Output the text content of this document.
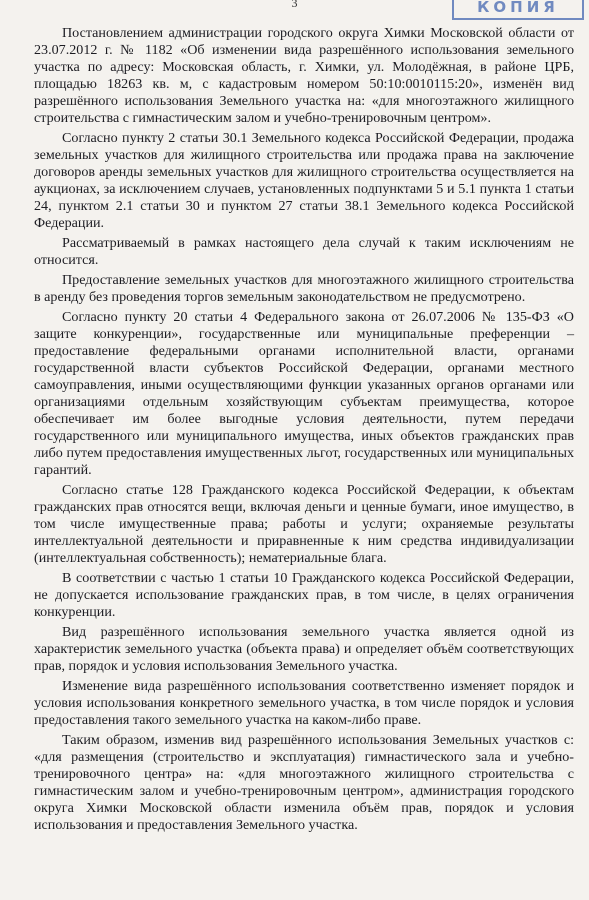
3	КОПИЯ

Постановлением администрации городского округа Химки Московской области от 23.07.2012 г. № 1182 «Об изменении вида разрешённого использования земельного участка по адресу: Московская область, г. Химки, ул. Молодёжная, в районе ЦРБ, площадью 18263 кв. м, с кадастровым номером 50:10:0010115:20», изменён вид разрешённого использования Земельного участка на: «для многоэтажного жилищного строительства с гимнастическим залом и учебно-тренировочным центром».

Согласно пункту 2 статьи 30.1 Земельного кодекса Российской Федерации, продажа земельных участков для жилищного строительства или продажа права на заключение договоров аренды земельных участков для жилищного строительства осуществляется на аукционах, за исключением случаев, установленных подпунктами 5 и 5.1 пункта 1 статьи 24, пунктом 2.1 статьи 30 и пунктом 27 статьи 38.1 Земельного кодекса Российской Федерации.

Рассматриваемый в рамках настоящего дела случай к таким исключениям не относится.

Предоставление земельных участков для многоэтажного жилищного строительства в аренду без проведения торгов земельным законодательством не предусмотрено.

Согласно пункту 20 статьи 4 Федерального закона от 26.07.2006 № 135-ФЗ «О защите конкуренции», государственные или муниципальные преференции – предоставление федеральными органами исполнительной власти, органами государственной власти субъектов Российской Федерации, органами местного самоуправления, иными осуществляющими функции указанных органов органами или организациями отдельным хозяйствующим субъектам преимущества, которое обеспечивает им более выгодные условия деятельности, путем передачи государственного или муниципального имущества, иных объектов гражданских прав либо путем предоставления имущественных льгот, государственных или муниципальных гарантий.

Согласно статье 128 Гражданского кодекса Российской Федерации, к объектам гражданских прав относятся вещи, включая деньги и ценные бумаги, иное имущество, в том числе имущественные права; работы и услуги; охраняемые результаты интеллектуальной деятельности и приравненные к ним средства индивидуализации (интеллектуальная собственность); нематериальные блага.

В соответствии с частью 1 статьи 10 Гражданского кодекса Российской Федерации, не допускается использование гражданских прав, в том числе, в целях ограничения конкуренции.

Вид разрешённого использования земельного участка является одной из характеристик земельного участка (объекта права) и определяет объём соответствующих прав, порядок и условия использования Земельного участка.

Изменение вида разрешённого использования соответственно изменяет порядок и условия использования конкретного земельного участка, в том числе порядок и условия предоставления такого земельного участка на каком-либо праве.

Таким образом, изменив вид разрешённого использования Земельных участков с: «для размещения (строительство и эксплуатация) гимнастического зала и учебно-тренировочного центра» на: «для многоэтажного жилищного строительства с гимнастическим залом и учебно-тренировочным центром», администрация городского округа Химки Московской области изменила объём прав, порядок и условия использования и предоставления Земельного участка.
